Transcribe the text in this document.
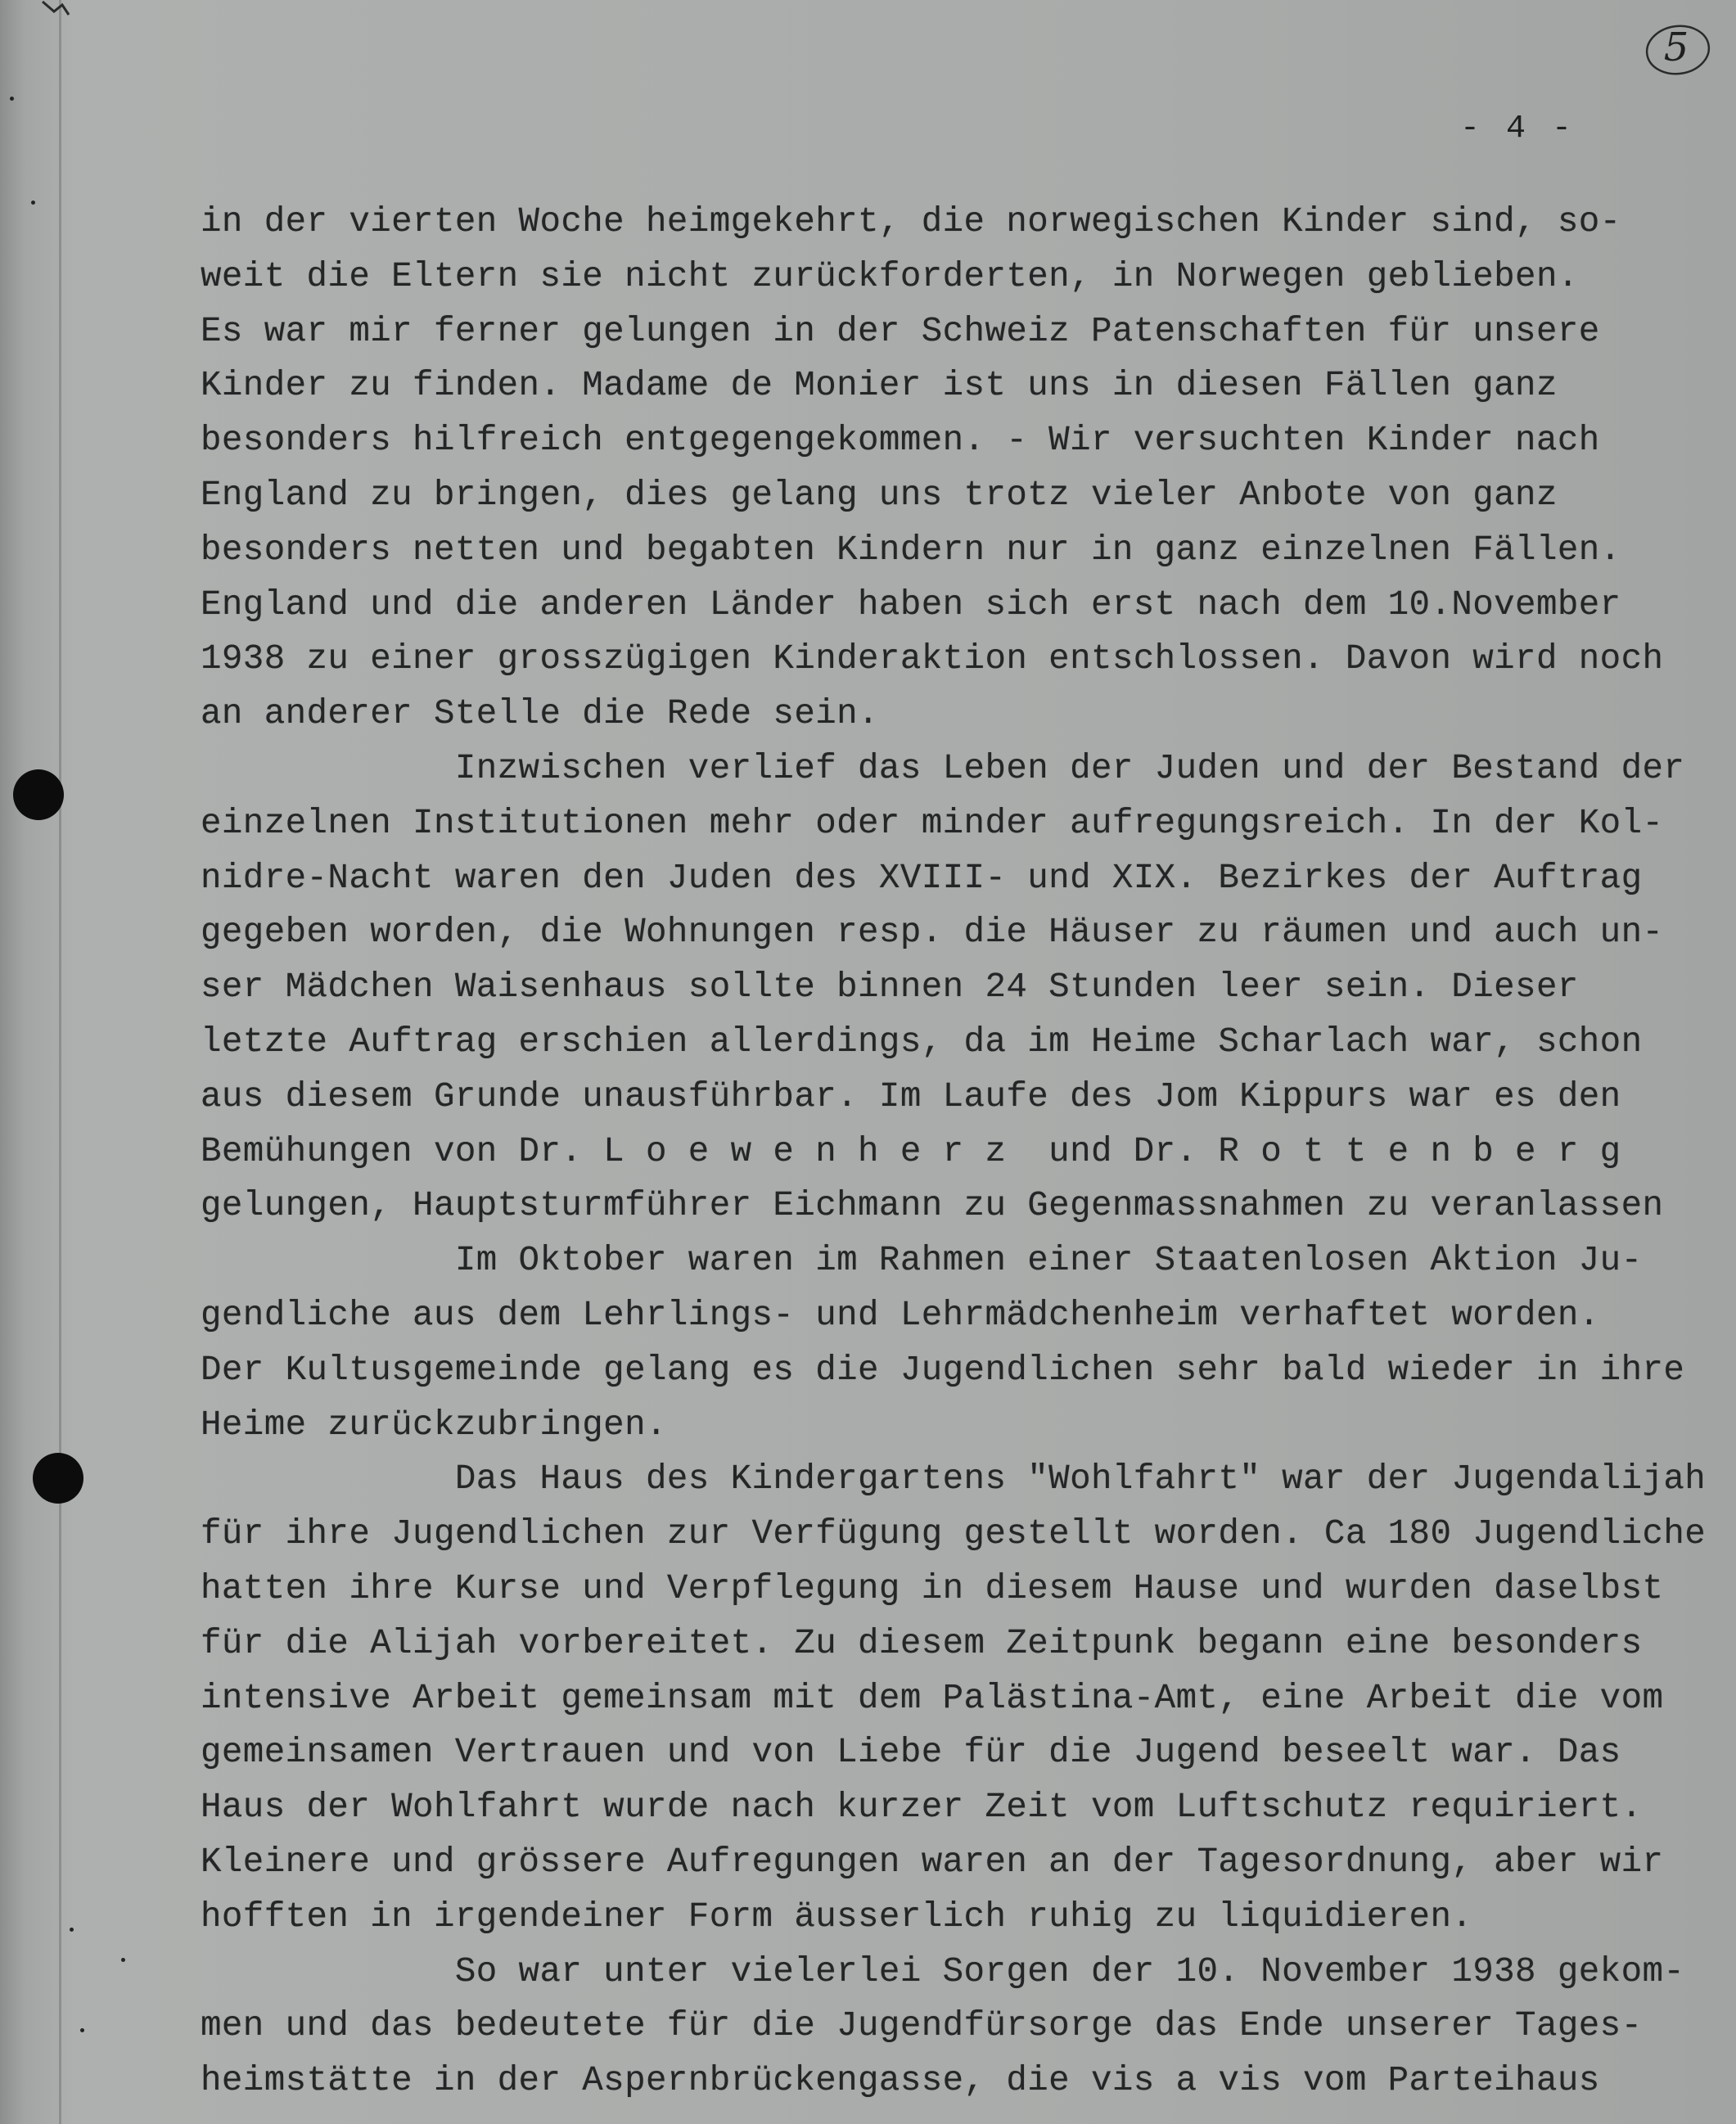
5
- 4 -
in der vierten Woche heimgekehrt, die norwegischen Kinder sind, so-
weit die Eltern sie nicht zurückforderten, in Norwegen geblieben.
Es war mir ferner gelungen in der Schweiz Patenschaften für unsere
Kinder zu finden. Madame de Monier ist uns in diesen Fällen ganz
besonders hilfreich entgegengekommen. - Wir versuchten Kinder nach
England zu bringen, dies gelang uns trotz vieler Anbote von ganz
besonders netten und begabten Kindern nur in ganz einzelnen Fällen.
England und die anderen Länder haben sich erst nach dem 10.November
1938 zu einer grosszügigen Kinderaktion entschlossen. Davon wird noch
an anderer Stelle die Rede sein.
Inzwischen verlief das Leben der Juden und der Bestand der
einzelnen Institutionen mehr oder minder aufregungsreich. In der Kol-
nidre-Nacht waren den Juden des XVIII- und XIX. Bezirkes der Auftrag
gegeben worden, die Wohnungen resp. die Häuser zu räumen und auch un-
ser Mädchen Waisenhaus sollte binnen 24 Stunden leer sein. Dieser
letzte Auftrag erschien allerdings, da im Heime Scharlach war, schon
aus diesem Grunde unausführbar. Im Laufe des Jom Kippurs war es den
Bemühungen von Dr. L o e w e n h e r z  und Dr. R o t t e n b e r g
gelungen, Hauptsturmführer Eichmann zu Gegenmassnahmen zu veranlassen
Im Oktober waren im Rahmen einer Staatenlosen Aktion Ju-
gendliche aus dem Lehrlings- und Lehrmädchenheim verhaftet worden.
Der Kultusgemeinde gelang es die Jugendlichen sehr bald wieder in ihre
Heime zurückzubringen.
Das Haus des Kindergartens "Wohlfahrt" war der Jugendalijah
für ihre Jugendlichen zur Verfügung gestellt worden. Ca 180 Jugendliche
hatten ihre Kurse und Verpflegung in diesem Hause und wurden daselbst
für die Alijah vorbereitet. Zu diesem Zeitpunk begann eine besonders
intensive Arbeit gemeinsam mit dem Palästina-Amt, eine Arbeit die vom
gemeinsamen Vertrauen und von Liebe für die Jugend beseelt war. Das
Haus der Wohlfahrt wurde nach kurzer Zeit vom Luftschutz requiriert.
Kleinere und grössere Aufregungen waren an der Tagesordnung, aber wir
hofften in irgendeiner Form äusserlich ruhig zu liquidieren.
So war unter vielerlei Sorgen der 10. November 1938 gekom-
men und das bedeutete für die Jugendfürsorge das Ende unserer Tages-
heimstätte in der Aspernbrückengasse, die vis a vis vom Parteihaus
